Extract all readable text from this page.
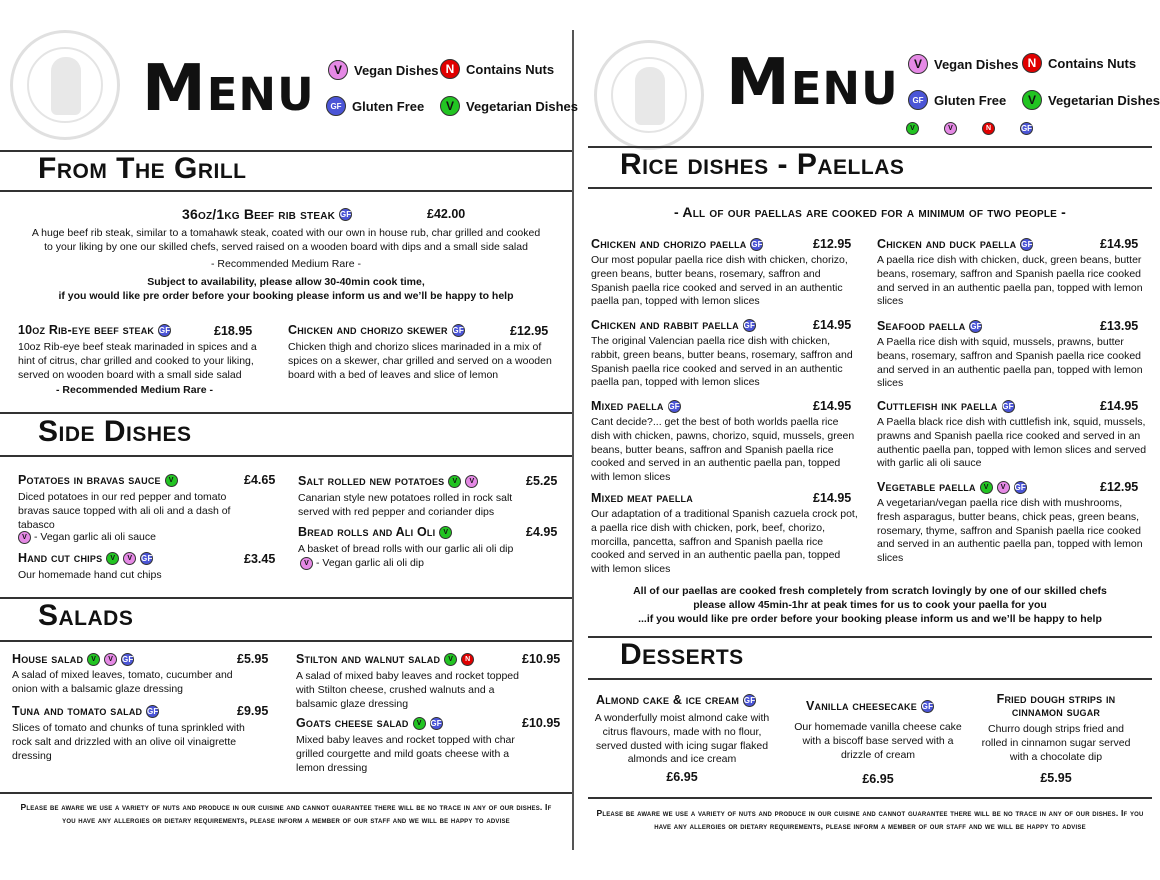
Menu	V Vegan Dishes N Contains Nuts
GF Gluten Free	V Vegetarian Dishes
From The Grill
36oz/1kg Beef rib steak GF	£42.00
A huge beef rib steak, similar to a tomahawk steak, coated with our own in house rub, char grilled and cooked to your liking by one our skilled chefs, served raised on a wooden board with dips and a small side salad
- Recommended Medium Rare -
Subject to availability, please allow 30-40min cook time,
if you would like pre order before your booking please inform us and we’ll be happy to help
10oz Rib-eye beef steak GF	£18.95
10oz Rib-eye beef steak marinaded in spices and a hint of citrus, char grilled and cooked to your liking, served on wooden board with a small side salad
- Recommended Medium Rare -
Chicken and chorizo skewer GF	£12.95
Chicken thigh and chorizo slices marinaded in a mix of spices on a skewer, char grilled and served on a wooden board with a bed of leaves and slice of lemon
Side Dishes
Potatoes in bravas sauce	V	£4.65
Diced potatoes in our red pepper and tomato bravas sauce topped with ali oli and a dash of tabasco
V - Vegan garlic ali oli sauce
Hand cut chips	V	V	GF	£3.45
Our homemade hand cut chips
Salt rolled new potatoes	V	V	£5.25
Canarian style new potatoes rolled in rock salt served with red pepper and coriander dips
Bread rolls and Ali Oli	V	£4.95
A basket of bread rolls with our garlic ali oli dip
V - Vegan garlic ali oli dip
Salads
House salad	V	V	GF	£5.95
A salad of mixed leaves, tomato, cucumber and onion with a balsamic glaze dressing
Tuna and tomato salad GF	£9.95
Slices of tomato and chunks of tuna sprinkled with rock salt and drizzled with an olive oil vinaigrette dressing
Stilton and walnut salad	V	N	£10.95
A salad of mixed baby leaves and rocket topped with Stilton cheese, crushed walnuts and a balsamic glaze dressing
Goats cheese salad	V	GF	£10.95
Mixed baby leaves and rocket topped with char grilled courgette and mild goats cheese with a lemon dressing
Please be aware we use a variety of nuts and produce in our cuisine and cannot guarantee there will be no trace in any of our dishes. If you have any allergies or dietary requirements, please inform a member of our staff and we will be happy to advise
Menu	V Vegan Dishes N Contains Nuts
GF Gluten Free	V Vegetarian Dishes
V	V	N	GF
Rice dishes - Paellas
- All of our paellas are cooked for a minimum of two people -
Chicken and chorizo paella GF	£12.95
Our most popular paella rice dish with chicken, chorizo, green beans, butter beans, rosemary, saffron and Spanish paella rice cooked and served in an authentic paella pan, topped with lemon slices
Chicken and rabbit paella GF	£14.95
The original Valencian paella rice dish with chicken, rabbit, green beans, butter beans, rosemary, saffron and Spanish paella rice cooked and served in an authentic paella pan, topped with lemon slices
Mixed paella GF	£14.95
Cant decide?... get the best of both worlds paella rice dish with chicken, pawns, chorizo, squid, mussels, green beans, butter beans, saffron and Spanish paella rice cooked and served in an authentic paella pan, topped with lemon slices
Mixed meat paella	£14.95
Our adaptation of a traditional Spanish cazuela crock pot, a paella rice dish with chicken, pork, beef, chorizo, morcilla, pancetta, saffron and Spanish paella rice cooked and served in an authentic paella pan, topped with lemon slices
Chicken and duck paella GF	£14.95
A paella rice dish with chicken, duck, green beans, butter beans, rosemary, saffron and Spanish paella rice cooked and served in an authentic paella pan, topped with lemon slices
Seafood paella GF	£13.95
A Paella rice dish with squid, mussels, prawns, butter beans, rosemary, saffron and Spanish paella rice cooked and served in an authentic paella pan, topped with lemon slices
Cuttlefish ink paella GF	£14.95
A Paella black rice dish with cuttlefish ink, squid, mussels, prawns and Spanish paella rice cooked and served in an authentic paella pan, topped with lemon slices and served with garlic ali oli sauce
Vegetable paella	V	V	GF	£12.95
A vegetarian/vegan paella rice dish with mushrooms, fresh asparagus, butter beans, chick peas, green beans, rosemary, thyme, saffron and Spanish paella rice cooked and served in an authentic paella pan, topped with lemon slices
All of our paellas are cooked fresh completely from scratch lovingly by one of our skilled chefs
please allow 45min-1hr at peak times for us to cook your paella for you
...if you would like pre order before your booking please inform us and we’ll be happy to help
Desserts
Almond cake & ice cream GF
A wonderfully moist almond cake with citrus flavours, made with no flour, served dusted with icing sugar flaked almonds and ice cream
£6.95
Vanilla cheesecake GF
Our homemade vanilla cheese cake with a biscoff base served with a drizzle of cream
£6.95
Fried dough strips in cinnamon sugar
Churro dough strips fried and rolled in cinnamon sugar served with a chocolate dip
£5.95
Please be aware we use a variety of nuts and produce in our cuisine and cannot guarantee there will be no trace in any of our dishes. If you have any allergies or dietary requirements, please inform a member of our staff and we will be happy to advise
